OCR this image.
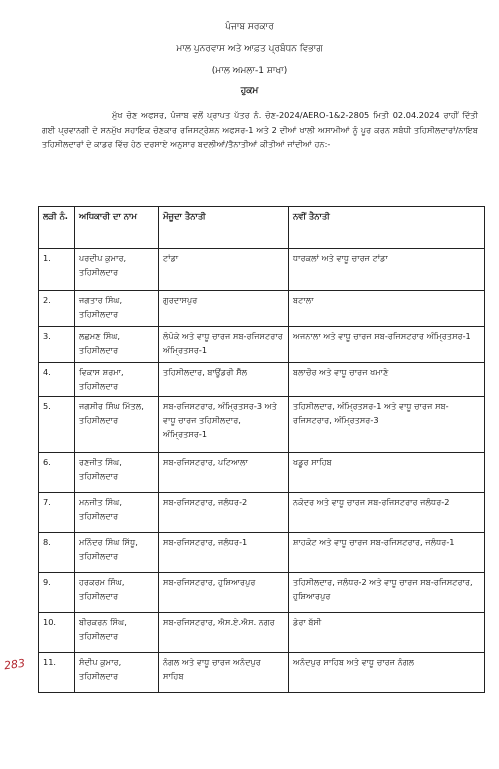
ਪੰਜਾਬ ਸਰਕਾਰ
ਮਾਲ ਪੁਨਰਵਾਸ ਅਤੇ ਆਫ਼ਤ ਪ੍ਰਬੰਧਨ ਵਿਭਾਗ
(ਮਾਲ ਅਮਲਾ-1 ਸ਼ਾਖਾ)
ਹੁਕਮ
ਮੁੱਖ ਚੋਣ ਅਫਸਰ, ਪੰਜਾਬ ਵਲੋਂ ਪ੍ਰਾਪਤ ਪੱਤਰ ਨੰ. ਚੋਣ-2024/AERO-1&2-2805 ਮਿਤੀ 02.04.2024 ਰਾਹੀਂ ਦਿੱਤੀ ਗਈ ਪ੍ਰਵਾਨਗੀ ਦੇ ਸਨਮੁੱਖ ਸਹਾਇਕ ਚੋਣਕਾਰ ਰਜਿਸਟ੍ਰੇਸ਼ਨ ਅਫਸਰ-1 ਅਤੇ 2 ਦੀਆਂ ਖਾਲੀ ਅਸਾਮੀਆਂ ਨੂੰ ਪੂਰ ਕਰਨ ਸਬੰਧੀ ਤਹਿਸੀਲਦਾਰਾਂ/ਨਾਇਬ ਤਹਿਸੀਲਦਾਰਾਂ ਦੇ ਕਾਡਰ ਵਿੱਚ ਹੇਠ ਦਰਸਾਏ ਅਨੁਸਾਰ ਬਦਲੀਆਂ/ਤੈਨਾਤੀਆਂ ਕੀਤੀਆਂ ਜਾਂਦੀਆਂ ਹਨ:-
283
ਲੜੀ ਨੰ.	ਅਧਿਕਾਰੀ ਦਾ ਨਾਮ	ਮੌਜੂਦਾ ਤੈਨਾਤੀ	ਨਵੀਂ ਤੈਨਾਤੀ
1.	ਪਰਦੀਪ ਕੁਮਾਰ, ਤਹਿਸੀਲਦਾਰ	ਟਾਂਡਾ	ਧਾਰਕਲਾਂ ਅਤੇ ਵਾਧੂ ਚਾਰਜ ਟਾਂਡਾ
2.	ਜਗਤਾਰ ਸਿੰਘ, ਤਹਿਸੀਲਦਾਰ	ਗੁਰਦਾਸਪੁਰ	ਬਟਾਲਾ
3.	ਲਛਮਣ ਸਿੰਘ, ਤਹਿਸੀਲਦਾਰ	ਲੋਪੋਕੇ ਅਤੇ ਵਾਧੂ ਚਾਰਜ ਸਬ-ਰਜਿਸਟਰਾਰ ਅੰਮ੍ਰਿਤਸਰ-1	ਅਜਨਾਲਾ ਅਤੇ ਵਾਧੂ ਚਾਰਜ ਸਬ-ਰਜਿਸਟਰਾਰ ਅੰਮ੍ਰਿਤਸਰ-1
4.	ਵਿਕਾਸ ਸ਼ਰਮਾ, ਤਹਿਸੀਲਦਾਰ	ਤਹਿਸੀਲਦਾਰ, ਬਾਊਂਡਰੀ ਸੈੱਲ	ਬਲਾਚੌਰ ਅਤੇ ਵਾਧੂ ਚਾਰਜ ਖਮਾਣੋ
5.	ਜਗਸੀਰ ਸਿੰਘ ਮਿੱਤਲ, ਤਹਿਸੀਲਦਾਰ	ਸਬ-ਰਜਿਸਟਰਾਰ, ਅੰਮ੍ਰਿਤਸਰ-3 ਅਤੇ ਵਾਧੂ ਚਾਰਜ ਤਹਿਸੀਲਦਾਰ, ਅੰਮ੍ਰਿਤਸਰ-1	ਤਹਿਸੀਲਦਾਰ, ਅੰਮ੍ਰਿਤਸਰ-1 ਅਤੇ ਵਾਧੂ ਚਾਰਜ ਸਬ-ਰਜਿਸਟਰਾਰ, ਅੰਮ੍ਰਿਤਸਰ-3
6.	ਰਣਜੀਤ ਸਿੰਘ, ਤਹਿਸੀਲਦਾਰ	ਸਬ-ਰਜਿਸਟਰਾਰ, ਪਟਿਆਲਾ	ਖਡੂਰ ਸਾਹਿਬ
7.	ਮਨਜੀਤ ਸਿੰਘ, ਤਹਿਸੀਲਦਾਰ	ਸਬ-ਰਜਿਸਟਰਾਰ, ਜਲੰਧਰ-2	ਨਕੋਦਰ ਅਤੇ ਵਾਧੂ ਚਾਰਜ ਸਬ-ਰਜਿਸਟਰਾਰ ਜਲੰਧਰ-2
8.	ਮਨਿੰਦਰ ਸਿੰਘ ਸਿੱਧੂ, ਤਹਿਸੀਲਦਾਰ	ਸਬ-ਰਜਿਸਟਰਾਰ, ਜਲੰਧਰ-1	ਸ਼ਾਹਕੋਟ ਅਤੇ ਵਾਧੂ ਚਾਰਜ ਸਬ-ਰਜਿਸਟਰਾਰ, ਜਲੰਧਰ-1
9.	ਹਰਕਰਮ ਸਿੰਘ, ਤਹਿਸੀਲਦਾਰ	ਸਬ-ਰਜਿਸਟਰਾਰ, ਹੁਸ਼ਿਆਰਪੁਰ	ਤਹਿਸੀਲਦਾਰ, ਜਲੰਧਰ-2 ਅਤੇ ਵਾਧੂ ਚਾਰਜ ਸਬ-ਰਜਿਸਟਰਾਰ, ਹੁਸ਼ਿਆਰਪੁਰ
10.	ਬੀਰਕਰਨ ਸਿੰਘ, ਤਹਿਸੀਲਦਾਰ	ਸਬ-ਰਜਿਸਟਰਾਰ, ਐਸ.ਏ.ਐਸ. ਨਗਰ	ਡੇਰਾ ਬੱਸੀ
11.	ਸੰਦੀਪ ਕੁਮਾਰ, ਤਹਿਸੀਲਦਾਰ	ਨੰਗਲ ਅਤੇ ਵਾਧੂ ਚਾਰਜ ਅਨੰਦਪੁਰ ਸਾਹਿਬ	ਅਨੰਦਪੁਰ ਸਾਹਿਬ ਅਤੇ ਵਾਧੂ ਚਾਰਜ ਨੰਗਲ
